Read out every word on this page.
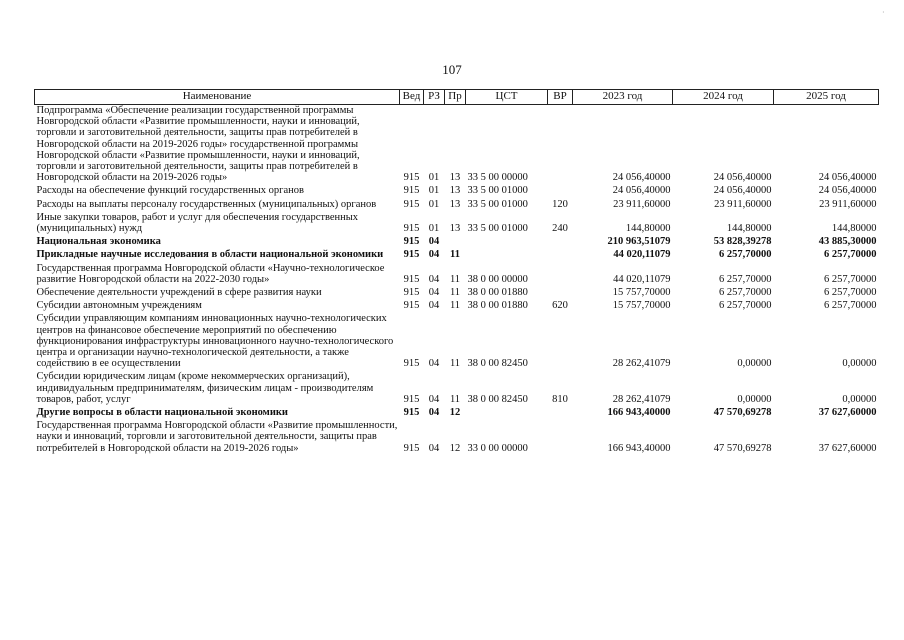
·
107
Наименование	Вед	РЗ	Пр	ЦСТ	ВР	2023 год	2024 год	2025 год
Подпрограмма «Обеспечение реализации государственной программы Новгородской области «Развитие промышленности, науки и инноваций, торговли и заготовительной деятельности, защиты прав потребителей в Новгородской области на 2019-2026 годы» государственной программы Новгородской области «Развитие промышленности, науки и инноваций, торговли и заготовительной деятельности, защиты прав потребителей в Новгородской области на 2019-2026 годы»	915	01	13	33 5 00 00000		24 056,40000	24 056,40000	24 056,40000
Расходы на обеспечение функций государственных органов	915	01	13	33 5 00 01000		24 056,40000	24 056,40000	24 056,40000
Расходы на выплаты персоналу государственных (муниципальных) органов	915	01	13	33 5 00 01000	120	23 911,60000	23 911,60000	23 911,60000
Иные закупки товаров, работ и услуг для обеспечения государственных (муниципальных) нужд	915	01	13	33 5 00 01000	240	144,80000	144,80000	144,80000
Национальная экономика	915	04				210 963,51079	53 828,39278	43 885,30000
Прикладные научные исследования в области национальной экономики	915	04	11			44 020,11079	6 257,70000	6 257,70000
Государственная программа Новгородской области «Научно-технологическое развитие Новгородской области на 2022-2030 годы»	915	04	11	38 0 00 00000		44 020,11079	6 257,70000	6 257,70000
Обеспечение деятельности учреждений в сфере развития науки	915	04	11	38 0 00 01880		15 757,70000	6 257,70000	6 257,70000
Субсидии автономным учреждениям	915	04	11	38 0 00 01880	620	15 757,70000	6 257,70000	6 257,70000
Субсидии управляющим компаниям инновационных научно-технологических центров на финансовое обеспечение мероприятий по обеспечению функционирования инфраструктуры инновационного научно-технологического центра и организации научно-технологической деятельности, а также содействию в ее осуществлении	915	04	11	38 0 00 82450		28 262,41079	0,00000	0,00000
Субсидии юридическим лицам (кроме некоммерческих организаций), индивидуальным предпринимателям, физическим лицам - производителям товаров, работ, услуг	915	04	11	38 0 00 82450	810	28 262,41079	0,00000	0,00000
Другие вопросы в области национальной экономики	915	04	12			166 943,40000	47 570,69278	37 627,60000
Государственная программа Новгородской области «Развитие промышленности, науки и инноваций, торговли и заготовительной деятельности, защиты прав потребителей в Новгородской области на 2019-2026 годы»	915	04	12	33 0 00 00000		166 943,40000	47 570,69278	37 627,60000
